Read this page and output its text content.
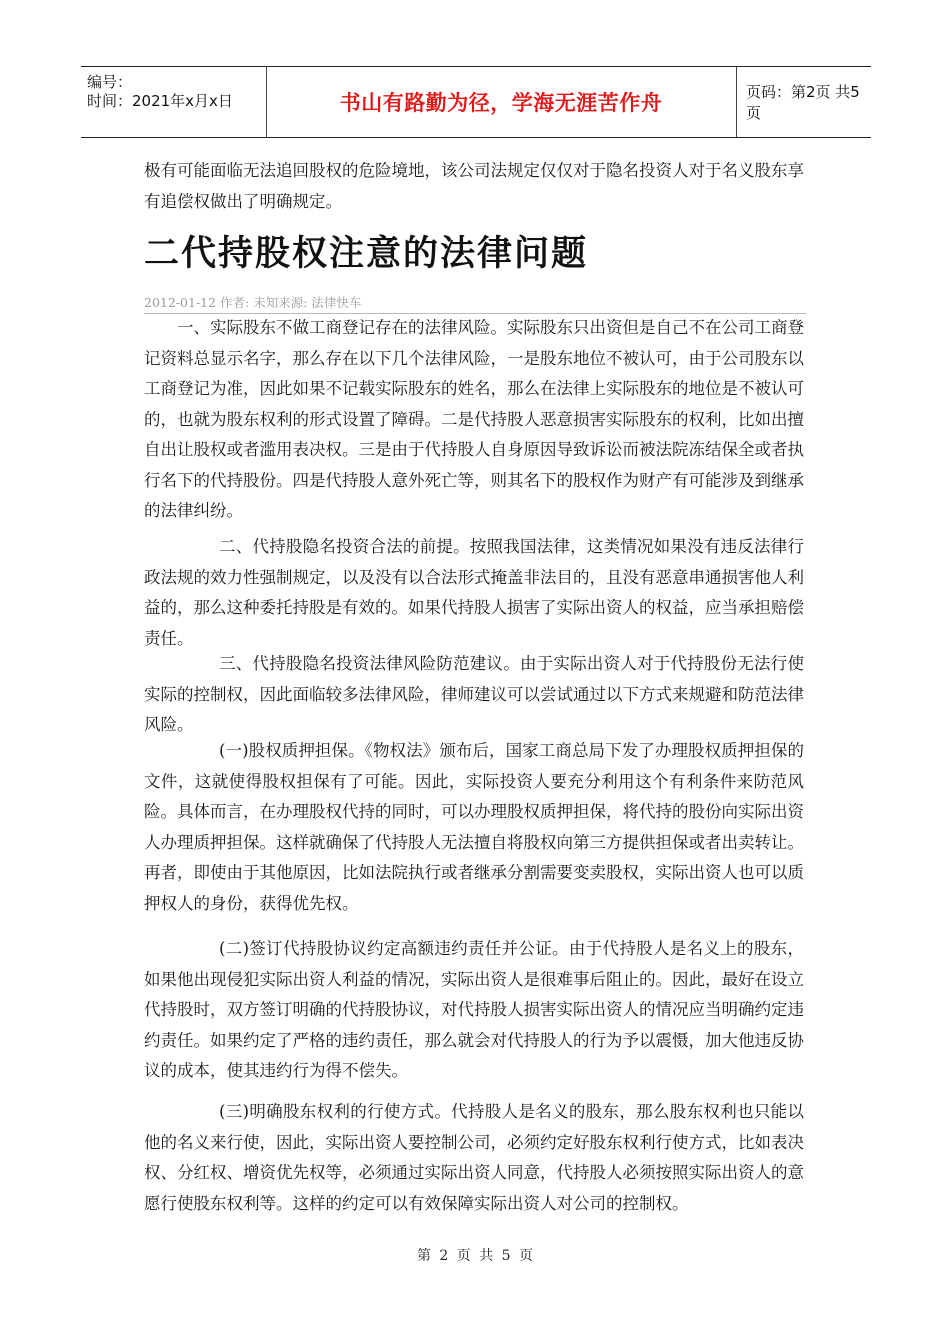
编号：
时间：2021年x月x日	书山有路勤为径，学海无涯苦作舟	页码：第2页 共5页

极有可能面临无法追回股权的危险境地，该公司法规定仅仅对于隐名投资人对于名义股东享有追偿权做出了明确规定。

二代持股权注意的法律问题
2012-01-12 作者: 未知来源: 法律快车

一、实际股东不做工商登记存在的法律风险。实际股东只出资但是自己不在公司工商登记资料总显示名字，那么存在以下几个法律风险，一是股东地位不被认可，由于公司股东以工商登记为准，因此如果不记载实际股东的姓名，那么在法律上实际股东的地位是不被认可的，也就为股东权利的形式设置了障碍。二是代持股人恶意损害实际股东的权利，比如出擅自出让股权或者滥用表决权。三是由于代持股人自身原因导致诉讼而被法院冻结保全或者执行名下的代持股份。四是代持股人意外死亡等，则其名下的股权作为财产有可能涉及到继承的法律纠纷。

二、代持股隐名投资合法的前提。按照我国法律，这类情况如果没有违反法律行政法规的效力性强制规定，以及没有以合法形式掩盖非法目的，且没有恶意串通损害他人利益的，那么这种委托持股是有效的。如果代持股人损害了实际出资人的权益，应当承担赔偿责任。

三、代持股隐名投资法律风险防范建议。由于实际出资人对于代持股份无法行使实际的控制权，因此面临较多法律风险，律师建议可以尝试通过以下方式来规避和防范法律风险。

(一)股权质押担保。《物权法》颁布后，国家工商总局下发了办理股权质押担保的文件，这就使得股权担保有了可能。因此，实际投资人要充分利用这个有利条件来防范风险。具体而言，在办理股权代持的同时，可以办理股权质押担保，将代持的股份向实际出资人办理质押担保。这样就确保了代持股人无法擅自将股权向第三方提供担保或者出卖转让。再者，即使由于其他原因，比如法院执行或者继承分割需要变卖股权，实际出资人也可以质押权人的身份，获得优先权。

(二)签订代持股协议约定高额违约责任并公证。由于代持股人是名义上的股东，如果他出现侵犯实际出资人利益的情况，实际出资人是很难事后阻止的。因此，最好在设立代持股时，双方签订明确的代持股协议，对代持股人损害实际出资人的情况应当明确约定违约责任。如果约定了严格的违约责任，那么就会对代持股人的行为予以震慑，加大他违反协议的成本，使其违约行为得不偿失。

(三)明确股东权利的行使方式。代持股人是名义的股东，那么股东权利也只能以他的名义来行使，因此，实际出资人要控制公司，必须约定好股东权利行使方式，比如表决权、分红权、增资优先权等，必须通过实际出资人同意，代持股人必须按照实际出资人的意愿行使股东权利等。这样的约定可以有效保障实际出资人对公司的控制权。

第 2 页 共 5 页
